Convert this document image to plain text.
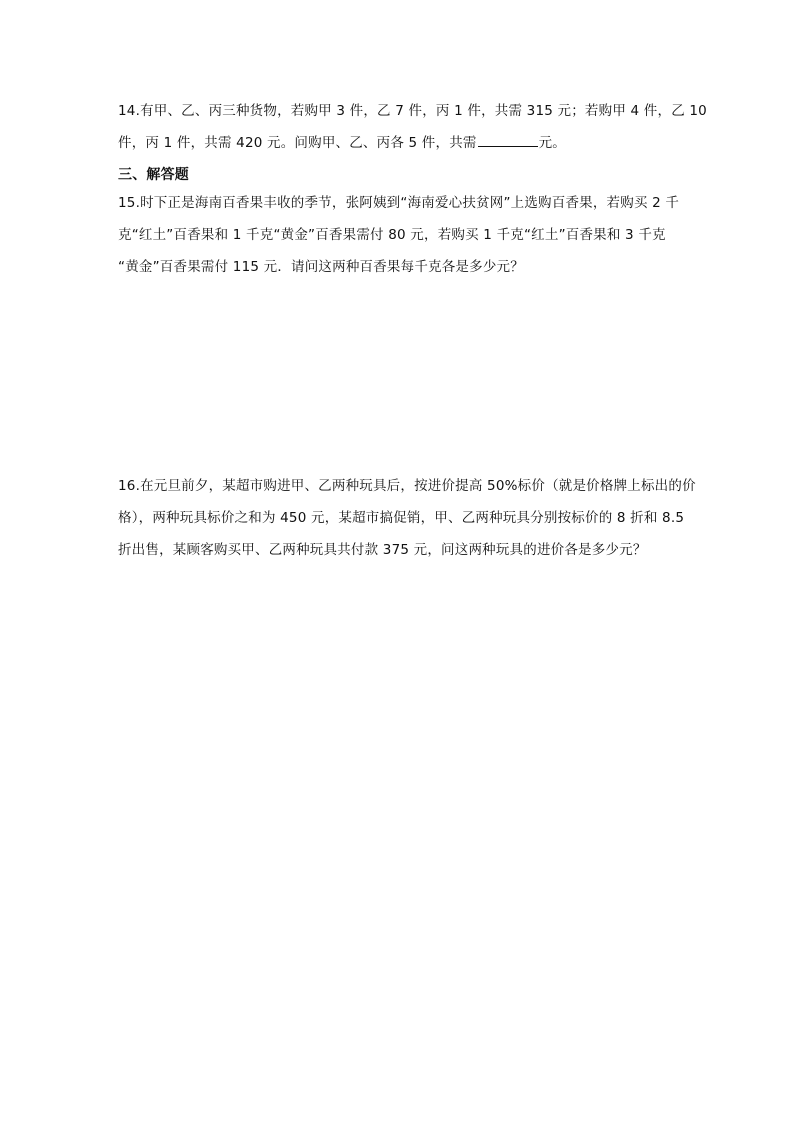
14.有甲、乙、丙三种货物，若购甲 3 件，乙 7 件，丙 1 件，共需 315 元；若购甲 4 件，乙 10
件，丙 1 件，共需 420 元。问购甲、乙、丙各 5 件，共需	元。
三、解答题
15.时下正是海南百香果丰收的季节，张阿姨到“海南爱心扶贫网”上选购百香果，若购买 2 千
克“红土”百香果和 1 千克“黄金”百香果需付 80 元，若购买 1 千克“红土”百香果和 3 千克
“黄金”百香果需付 115 元．请问这两种百香果每千克各是多少元？
16.在元旦前夕，某超市购进甲、乙两种玩具后，按进价提高 50%标价（就是价格牌上标出的价
格），两种玩具标价之和为 450 元，某超市搞促销，甲、乙两种玩具分别按标价的 8 折和 8.5
折出售，某顾客购买甲、乙两种玩具共付款 375 元，问这两种玩具的进价各是多少元？
